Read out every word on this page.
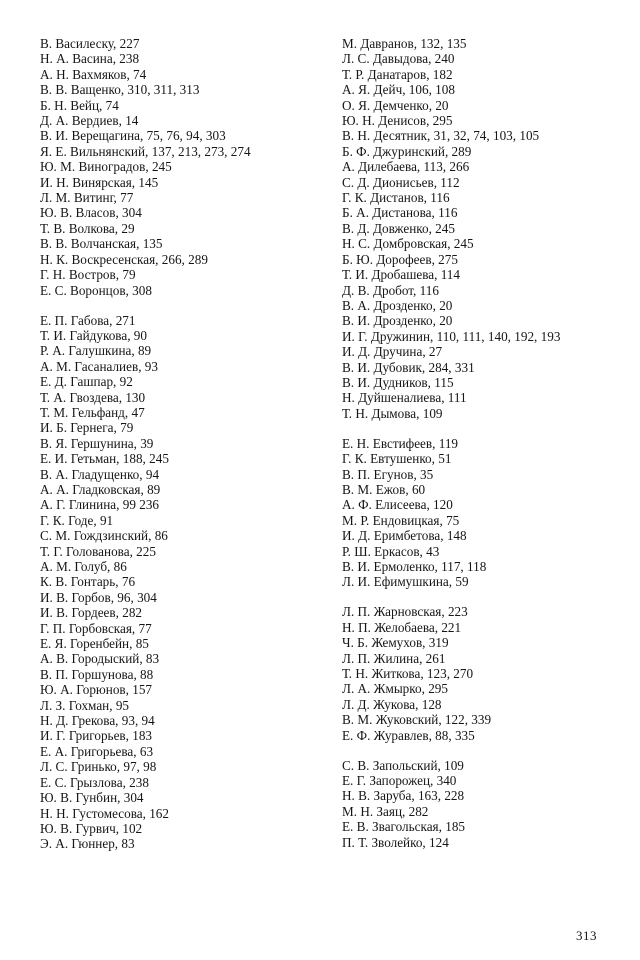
В. Василеску, 227
Н. А. Васина, 238
А. Н. Вахмяков, 74
В. В. Ващенко, 310, 311, 313
Б. Н. Вейц, 74
Д. А. Вердиев, 14
В. И. Верещагина, 75, 76, 94, 303
Я. Е. Вильнянский, 137, 213, 273, 274
Ю. М. Виноградов, 245
И. Н. Винярская, 145
Л. М. Витинг, 77
Ю. В. Власов, 304
Т. В. Волкова, 29
В. В. Волчанская, 135
Н. К. Воскресенская, 266, 289
Г. Н. Востров, 79
Е. С. Воронцов, 308
Е. П. Габова, 271
Т. И. Гайдукова, 90
Р. А. Галушкина, 89
А. М. Гасаналиев, 93
Е. Д. Гашпар, 92
Т. А. Гвоздева, 130
Т. М. Гельфанд, 47
И. Б. Гернега, 79
В. Я. Гершунина, 39
Е. И. Гетьман, 188, 245
В. А. Гладущенко, 94
А. А. Гладковская, 89
А. Г. Глинина, 99 236
Г. К. Годе, 91
С. М. Гождзинский, 86
Т. Г. Голованова, 225
А. М. Голуб, 86
К. В. Гонтарь, 76
И. В. Горбов, 96, 304
И. В. Гордеев, 282
Г. П. Горбовская, 77
Е. Я. Горенбейн, 85
А. В. Городыский, 83
В. П. Горшунова, 88
Ю. А. Горюнов, 157
Л. З. Гохман, 95
Н. Д. Грекова, 93, 94
И. Г. Григорьев, 183
Е. А. Григорьева, 63
Л. С. Гринько, 97, 98
Е. С. Грызлова, 238
Ю. В. Гунбин, 304
Н. Н. Густомесова, 162
Ю. В. Гурвич, 102
Э. А. Гюннер, 83
М. Давранов, 132, 135
Л. С. Давыдова, 240
Т. Р. Данатаров, 182
А. Я. Дейч, 106, 108
О. Я. Демченко, 20
Ю. Н. Денисов, 295
В. Н. Десятник, 31, 32, 74, 103, 105
Б. Ф. Джуринский, 289
А. Дилебаева, 113, 266
С. Д. Дионисьев, 112
Г. К. Дистанов, 116
Б. А. Дистанова, 116
В. Д. Довженко, 245
Н. С. Домбровская, 245
Б. Ю. Дорофеев, 275
Т. И. Дробашева, 114
Д. В. Дробот, 116
В. А. Дрозденко, 20
В. И. Дрозденко, 20
И. Г. Дружинин, 110, 111, 140, 192, 193
И. Д. Дручина, 27
В. И. Дубовик, 284, 331
В. И. Дудников, 115
Н. Дуйшеналиева, 111
Т. Н. Дымова, 109
Е. Н. Евстифеев, 119
Г. К. Евтушенко, 51
В. П. Егунов, 35
В. М. Ежов, 60
А. Ф. Елисеева, 120
М. Р. Ендовицкая, 75
И. Д. Еримбетова, 148
Р. Ш. Еркасов, 43
В. И. Ермоленко, 117, 118
Л. И. Ефимушкина, 59
Л. П. Жарновская, 223
Н. П. Желобаева, 221
Ч. Б. Жемухов, 319
Л. П. Жилина, 261
Т. Н. Житкова, 123, 270
Л. А. Жмырко, 295
Л. Д. Жукова, 128
В. М. Жуковский, 122, 339
Е. Ф. Журавлев, 88, 335
С. В. Запольский, 109
Е. Г. Запорожец, 340
Н. В. Заруба, 163, 228
М. Н. Заяц, 282
Е. В. Звагольская, 185
П. Т. Зволейко, 124
313
